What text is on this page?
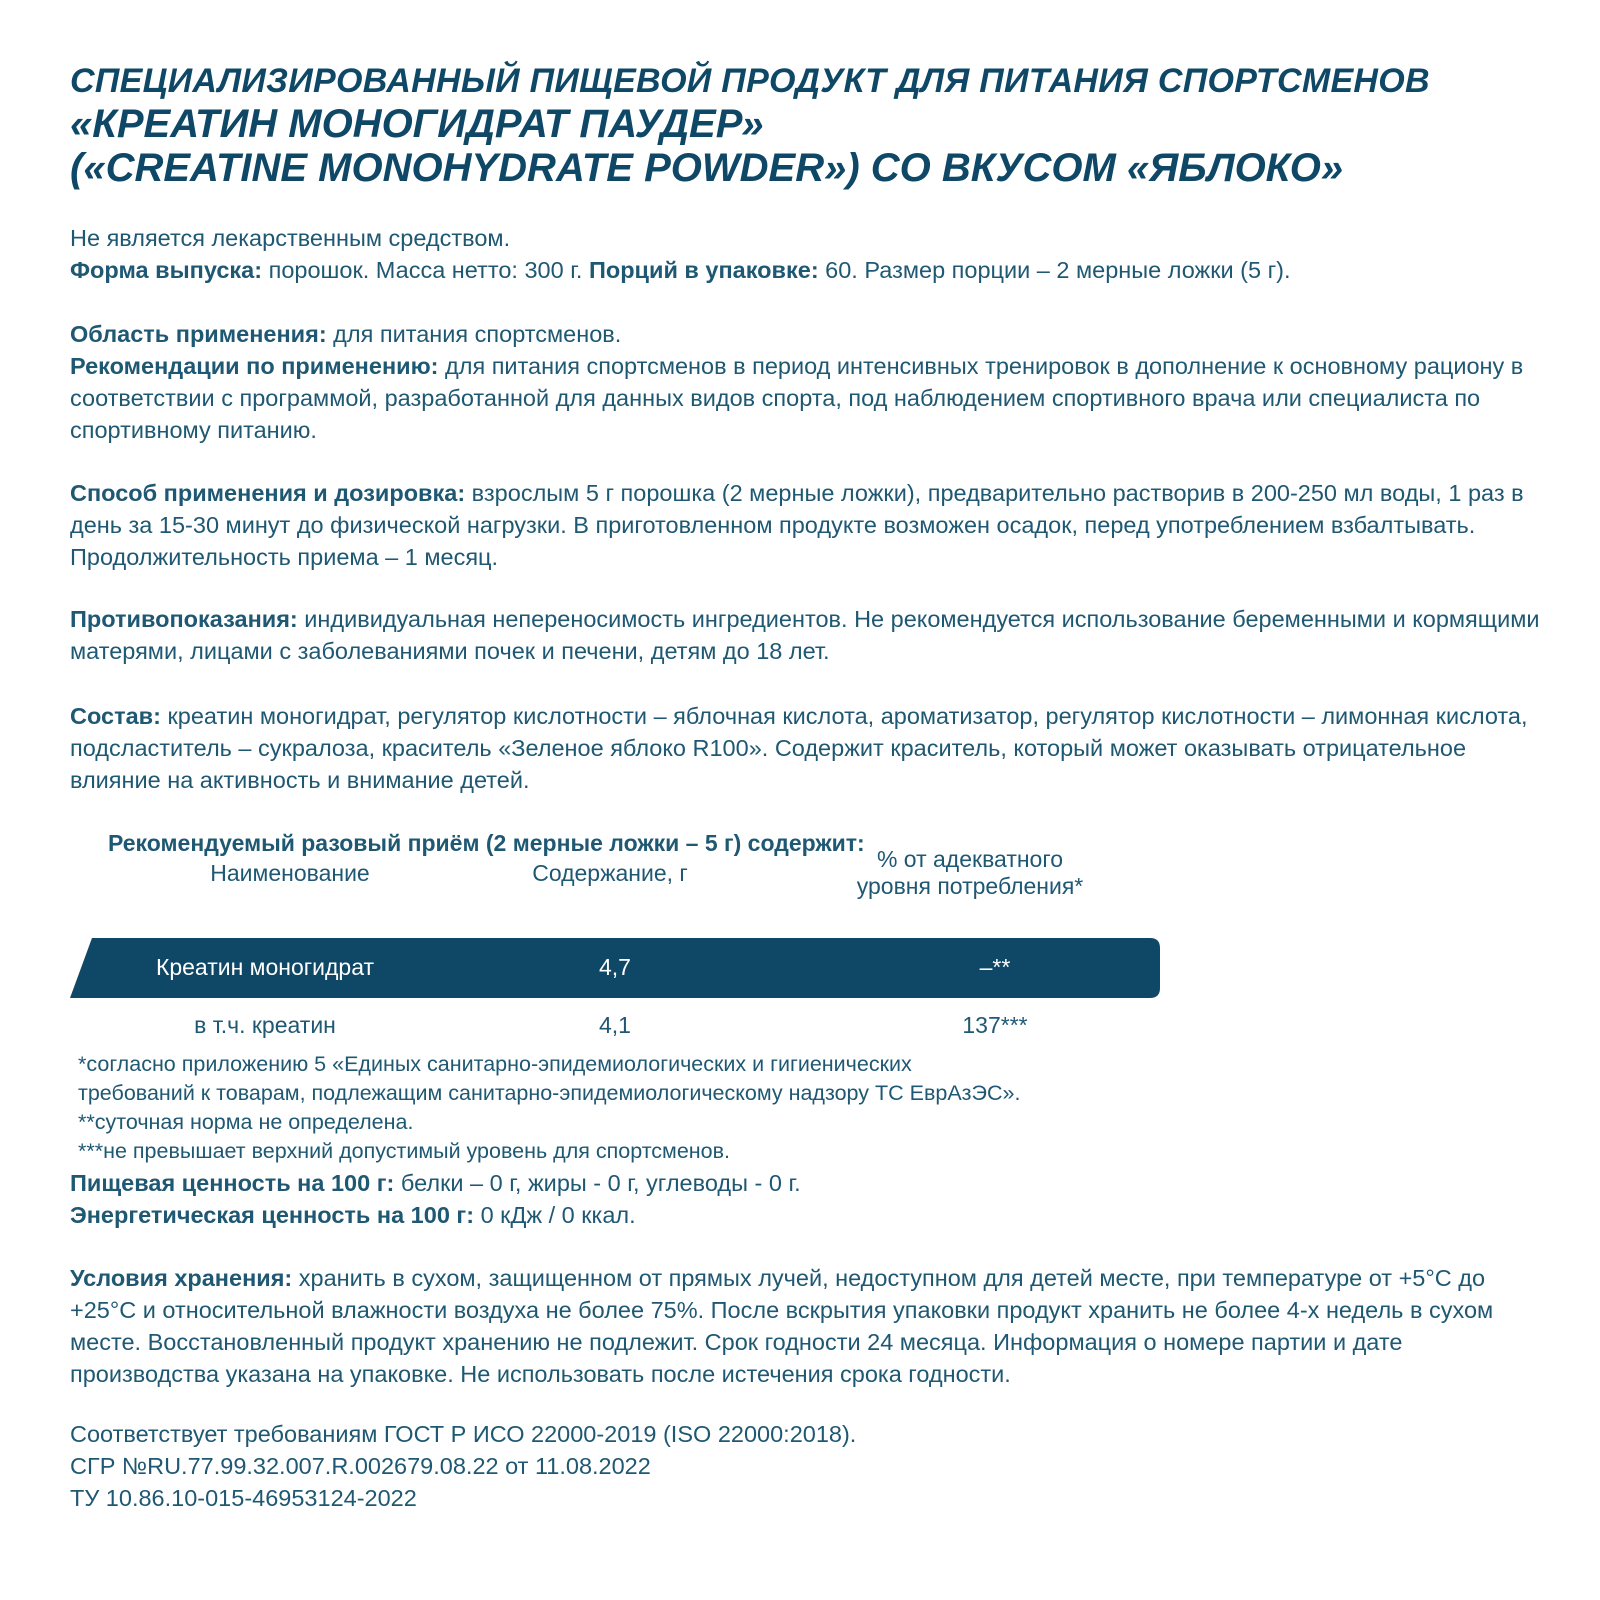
СПЕЦИАЛИЗИРОВАННЫЙ ПИЩЕВОЙ ПРОДУКТ ДЛЯ ПИТАНИЯ СПОРТСМЕНОВ
«КРЕАТИН МОНОГИДРАТ ПАУДЕР»
(«CREATINE MONOHYDRATE POWDER») СО ВКУСОМ «ЯБЛОКО»

Не является лекарственным средством.
Форма выпуска: порошок. Масса нетто: 300 г. Порций в упаковке: 60. Размер порции – 2 мерные ложки (5 г).

Область применения: для питания спортсменов.
Рекомендации по применению: для питания спортсменов в период интенсивных тренировок в дополнение к основному рациону в соответствии с программой, разработанной для данных видов спорта, под наблюдением спортивного врача или специалиста по спортивному питанию.

Способ применения и дозировка: взрослым 5 г порошка (2 мерные ложки), предварительно растворив в 200-250 мл воды, 1 раз в день за 15-30 минут до физической нагрузки. В приготовленном продукте возможен осадок, перед употреблением взбалтывать. Продолжительность приема – 1 месяц.

Противопоказания: индивидуальная непереносимость ингредиентов. Не рекомендуется использование беременными и кормящими матерями, лицами с заболеваниями почек и печени, детям до 18 лет.

Состав: креатин моногидрат, регулятор кислотности – яблочная кислота, ароматизатор, регулятор кислотности – лимонная кислота, подсластитель – сукралоза, краситель «Зеленое яблоко R100». Содержит краситель, который может оказывать отрицательное влияние на активность и внимание детей.

Рекомендуемый разовый приём (2 мерные ложки – 5 г) содержит:
Наименование	Содержание, г
% от адекватного
уровня потребления*
Креатин моногидрат	4,7	–**
в т.ч. креатин	4,1	137***
*согласно приложению 5 «Единых санитарно-эпидемиологических и гигиенических
требований к товарам, подлежащим санитарно-эпидемиологическому надзору ТС ЕврАзЭС».
**суточная норма не определена.
***не превышает верхний допустимый уровень для спортсменов.

Пищевая ценность на 100 г: белки – 0 г, жиры - 0 г, углеводы - 0 г.
Энергетическая ценность на 100 г: 0 кДж / 0 ккал.

Условия хранения: хранить в сухом, защищенном от прямых лучей, недоступном для детей месте, при температуре от +5°С до +25°С и относительной влажности воздуха не более 75%. После вскрытия упаковки продукт хранить не более 4-х недель в сухом месте. Восстановленный продукт хранению не подлежит. Срок годности 24 месяца. Информация о номере партии и дате производства указана на упаковке. Не использовать после истечения срока годности.

Соответствует требованиям ГОСТ Р ИСО 22000-2019 (ISO 22000:2018).
СГР №RU.77.99.32.007.R.002679.08.22 от 11.08.2022
ТУ 10.86.10-015-46953124-2022
